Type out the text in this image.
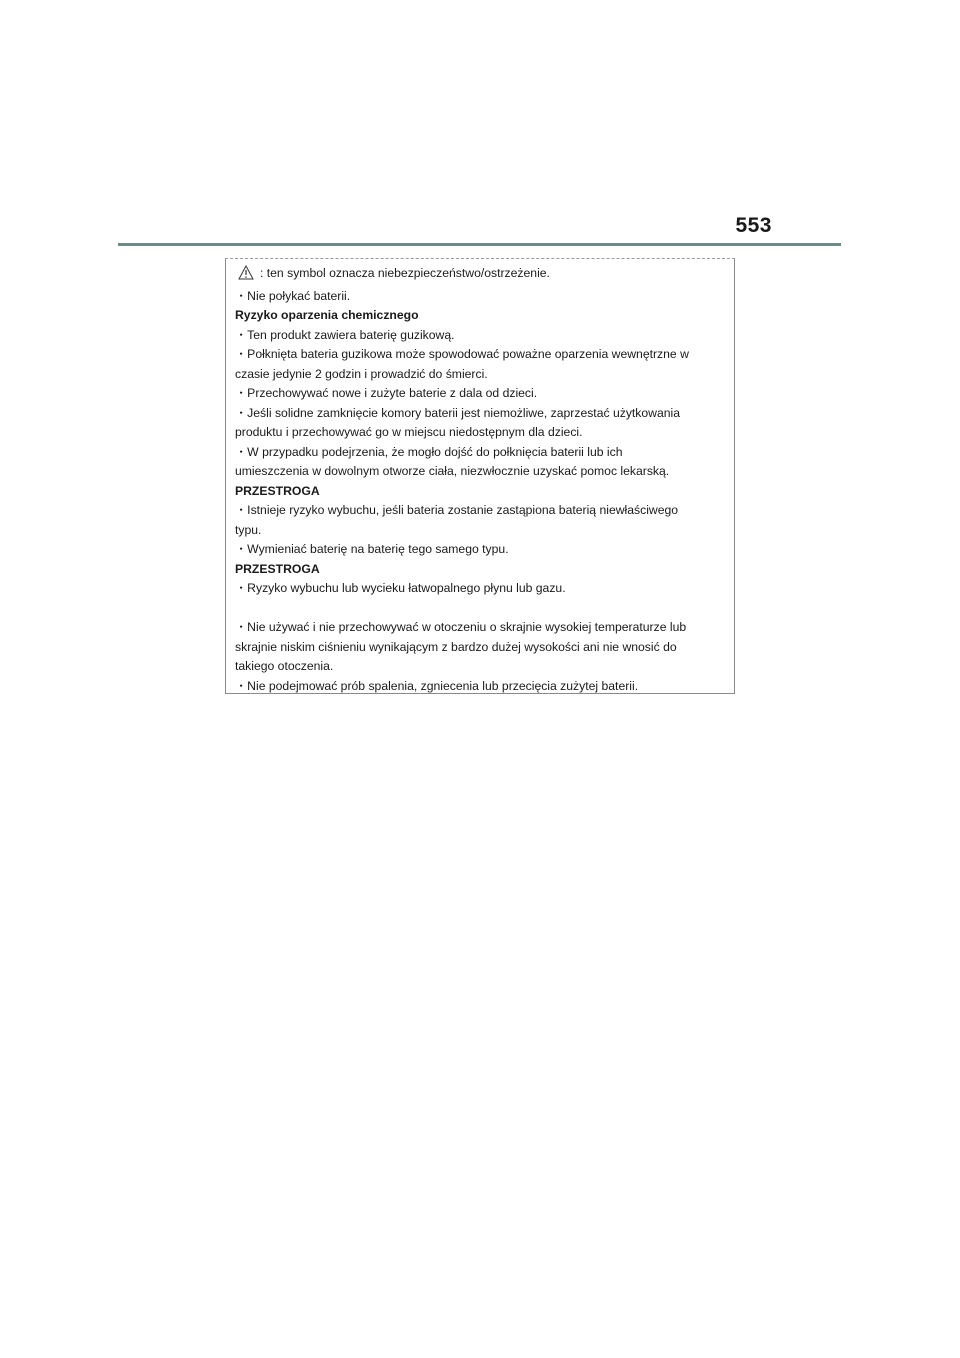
553
: ten symbol oznacza niebezpieczeństwo/ostrzeżenie.
・Nie połykać baterii.
Ryzyko oparzenia chemicznego
・Ten produkt zawiera baterię guzikową.
・Połknięta bateria guzikowa może spowodować poważne oparzenia wewnętrzne w
czasie jedynie 2 godzin i prowadzić do śmierci.
・Przechowywać nowe i zużyte baterie z dala od dzieci.
・Jeśli solidne zamknięcie komory baterii jest niemożliwe, zaprzestać użytkowania
produktu i przechowywać go w miejscu niedostępnym dla dzieci.
・W przypadku podejrzenia, że mogło dojść do połknięcia baterii lub ich
umieszczenia w dowolnym otworze ciała, niezwłocznie uzyskać pomoc lekarską.
PRZESTROGA
・Istnieje ryzyko wybuchu, jeśli bateria zostanie zastąpiona baterią niewłaściwego
typu.
・Wymieniać baterię na baterię tego samego typu.
PRZESTROGA
・Ryzyko wybuchu lub wycieku łatwopalnego płynu lub gazu.
・Nie używać i nie przechowywać w otoczeniu o skrajnie wysokiej temperaturze lub
skrajnie niskim ciśnieniu wynikającym z bardzo dużej wysokości ani nie wnosić do
takiego otoczenia.
・Nie podejmować prób spalenia, zgniecenia lub przecięcia zużytej baterii.
